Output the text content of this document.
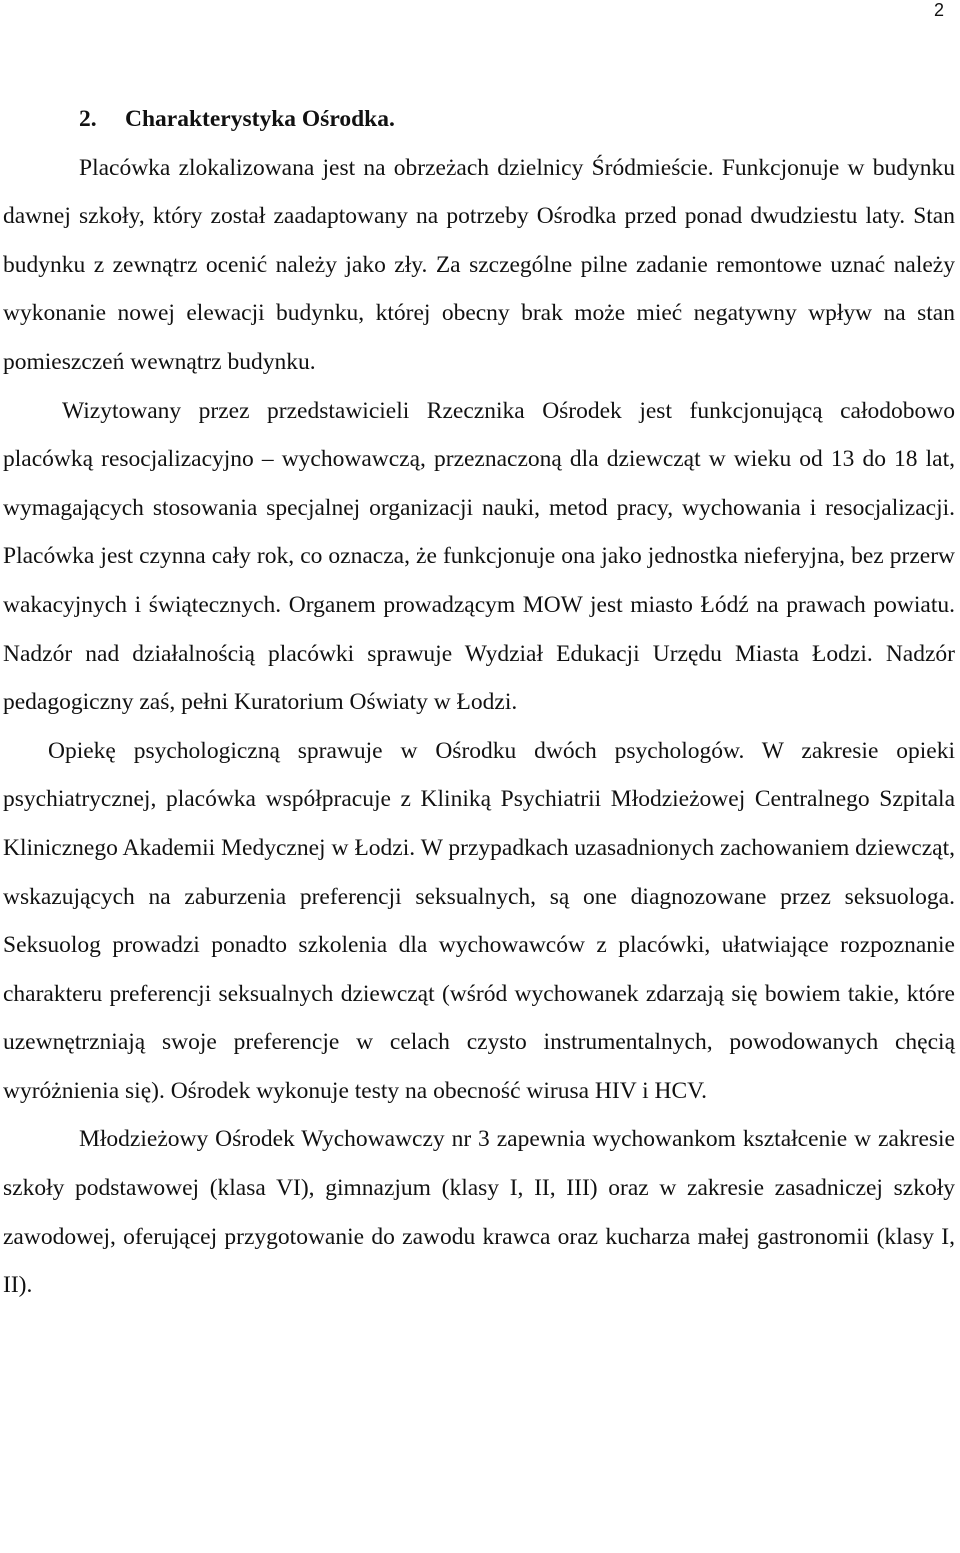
2
2. Charakterystyka Ośrodka.

Placówka zlokalizowana jest na obrzeżach dzielnicy Śródmieście. Funkcjonuje w budynku dawnej szkoły, który został zaadaptowany na potrzeby Ośrodka przed ponad dwudziestu laty. Stan budynku z zewnątrz ocenić należy jako zły. Za szczególne pilne zadanie remontowe uznać należy wykonanie nowej elewacji budynku, której obecny brak może mieć negatywny wpływ na stan pomieszczeń wewnątrz budynku.

Wizytowany przez przedstawicieli Rzecznika Ośrodek jest funkcjonującą całodobowo placówką resocjalizacyjno – wychowawczą, przeznaczoną dla dziewcząt w wieku od 13 do 18 lat, wymagających stosowania specjalnej organizacji nauki, metod pracy, wychowania i resocjalizacji. Placówka jest czynna cały rok, co oznacza, że funkcjonuje ona jako jednostka nieferyjna, bez przerw wakacyjnych i świątecznych. Organem prowadzącym MOW jest miasto Łódź na prawach powiatu. Nadzór nad działalnością placówki sprawuje Wydział Edukacji Urzędu Miasta Łodzi. Nadzór pedagogiczny zaś, pełni Kuratorium Oświaty w Łodzi.

Opiekę psychologiczną sprawuje w Ośrodku dwóch psychologów. W zakresie opieki psychiatrycznej, placówka współpracuje z Kliniką Psychiatrii Młodzieżowej Centralnego Szpitala Klinicznego Akademii Medycznej w Łodzi. W przypadkach uzasadnionych zachowaniem dziewcząt, wskazujących na zaburzenia preferencji seksualnych, są one diagnozowane przez seksuologa. Seksuolog prowadzi ponadto szkolenia dla wychowawców z placówki, ułatwiające rozpoznanie charakteru preferencji seksualnych dziewcząt (wśród wychowanek zdarzają się bowiem takie, które uzewnętrzniają swoje preferencje w celach czysto instrumentalnych, powodowanych chęcią wyróżnienia się). Ośrodek wykonuje testy na obecność wirusa HIV i HCV.

Młodzieżowy Ośrodek Wychowawczy nr 3 zapewnia wychowankom kształcenie w zakresie szkoły podstawowej (klasa VI), gimnazjum (klasy I, II, III) oraz w zakresie zasadniczej szkoły zawodowej, oferującej przygotowanie do zawodu krawca oraz kucharza małej gastronomii (klasy I, II).
